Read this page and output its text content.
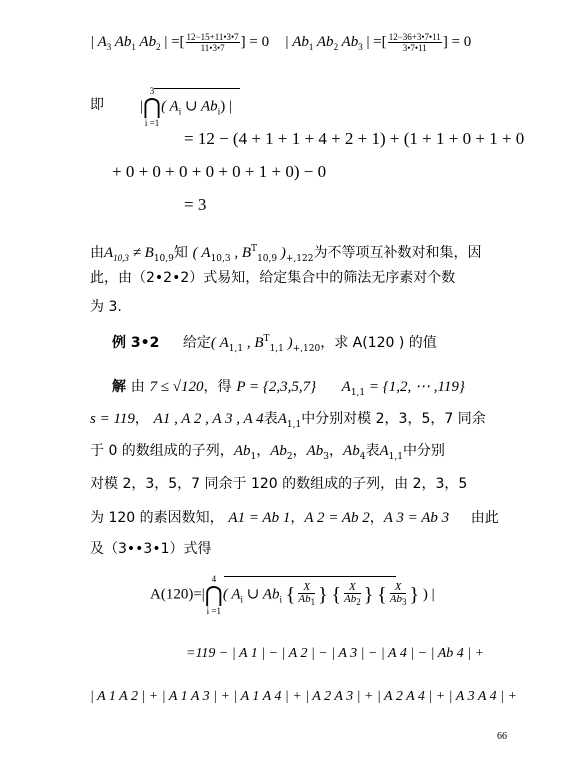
| $A_3$ $Ab_1$ $Ab_2$ | =[ $\frac{12-15+11•3•7}{11•3•7}$ ] = 0 | $Ab_1$ $Ab_2$ $Ab_3$ | =[ $\frac{12-36+3•7•11}{3•7•11}$ ] = 0
即 |3
⋂
i =1( $A_i$ ∪ $Ab_i$) |
= 12 − (4 + 1 + 1 + 4 + 2 + 1) + (1 + 1 + 0 + 1 + 0
+ 0 + 0 + 0 + 0 + 0 + 1 + 0) − 0
= 3
由$A_{10,3} \ne B_{10,9}$知 ( $A_{10,3}$ , $B^T_{10,9}$ )$_{+,122}$为不等项互补数对和集，因
此，由（2•2•2）式易知，给定集合中的筛法无序素对个数
为 3.
例 3•2 给定( $A_{1,1}$ , $B^T_{1,1}$ )$_{+,120}$，求 A(120 ) 的值
解 由 7 ≤ √120，得 P = {2,3,5,7} $A_{1,1} = \{1,2$, ⋯ ,119}
s = 119， A1 , A 2 , A 3 , A 4表$A_{1,1}$中分别对模 2，3，5，7 同余
于 0 的数组成的子列，$Ab_1$，$Ab_2$，$Ab_3$，$Ab_4$表$A_{1,1}$中分别
对模 2，3，5，7 同余于 120 的数组成的子列，由 2，3，5
为 120 的素因数知， A1 = Ab 1，A 2 = Ab 2，A 3 = Ab 3 由此
及（3••3•1）式得
A(120)=|4
⋂
i =1( $A_i$ ∪ $Ab_i$ { $\frac{X}{Ab_1}$ } { $\frac{X}{Ab_2}$ } { $\frac{X}{Ab_3}$ } ) |
=119 − | A 1 | − | A 2 | − | A 3 | − | A 4 | − | Ab 4 | +
| A 1 A 2 | + | A 1 A 3 | + | A 1 A 4 | + | A 2 A 3 | + | A 2 A 4 | + | A 3 A 4 | +
66
